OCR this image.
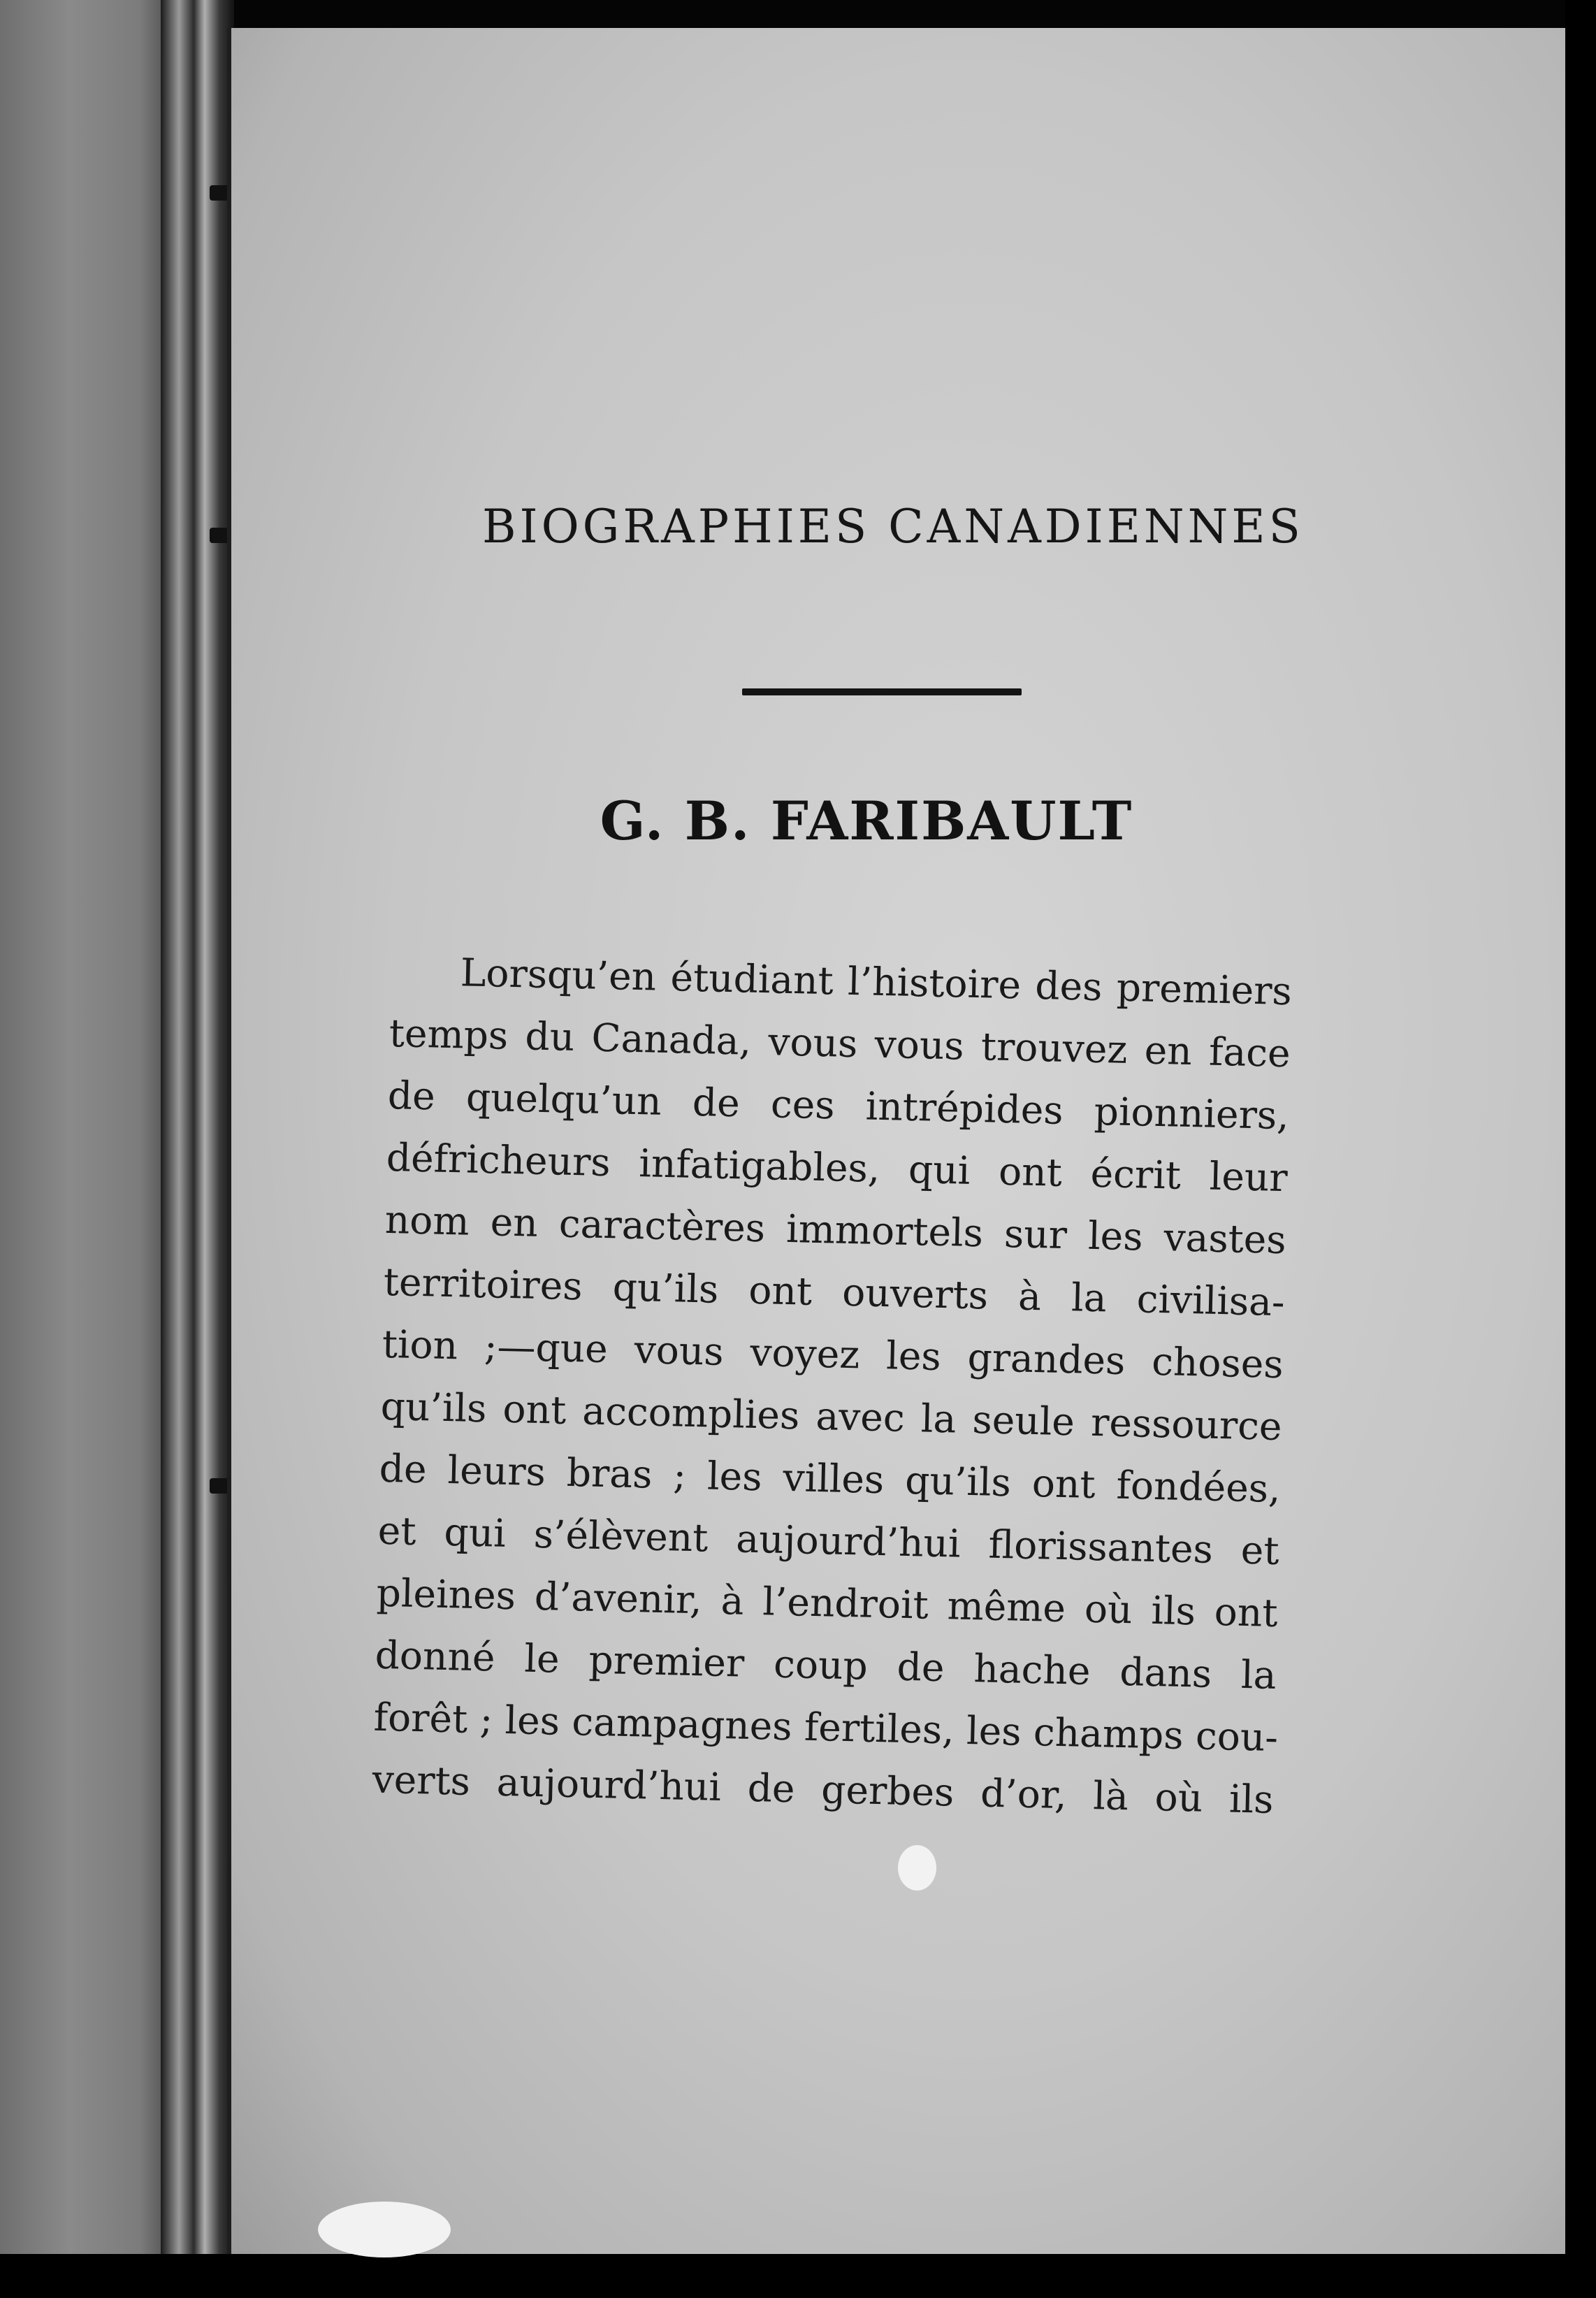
BIOGRAPHIES CANADIENNES
G. B. FARIBAULT
Lorsqu’en étudiant l’histoire des premiers
temps du Canada, vous vous trouvez en face
de quelqu’un de ces intrépides pionniers,
défricheurs infatigables, qui ont écrit leur
nom en caractères immortels sur les vastes
territoires qu’ils ont ouverts à la civilisa-
tion ;—que vous voyez les grandes choses
qu’ils ont accomplies avec la seule ressource
de leurs bras ; les villes qu’ils ont fondées,
et qui s’élèvent aujourd’hui florissantes et
pleines d’avenir, à l’endroit même où ils ont
donné le premier coup de hache dans la
forêt ; les campagnes fertiles, les champs cou-
verts aujourd’hui de gerbes d’or, là où ils
